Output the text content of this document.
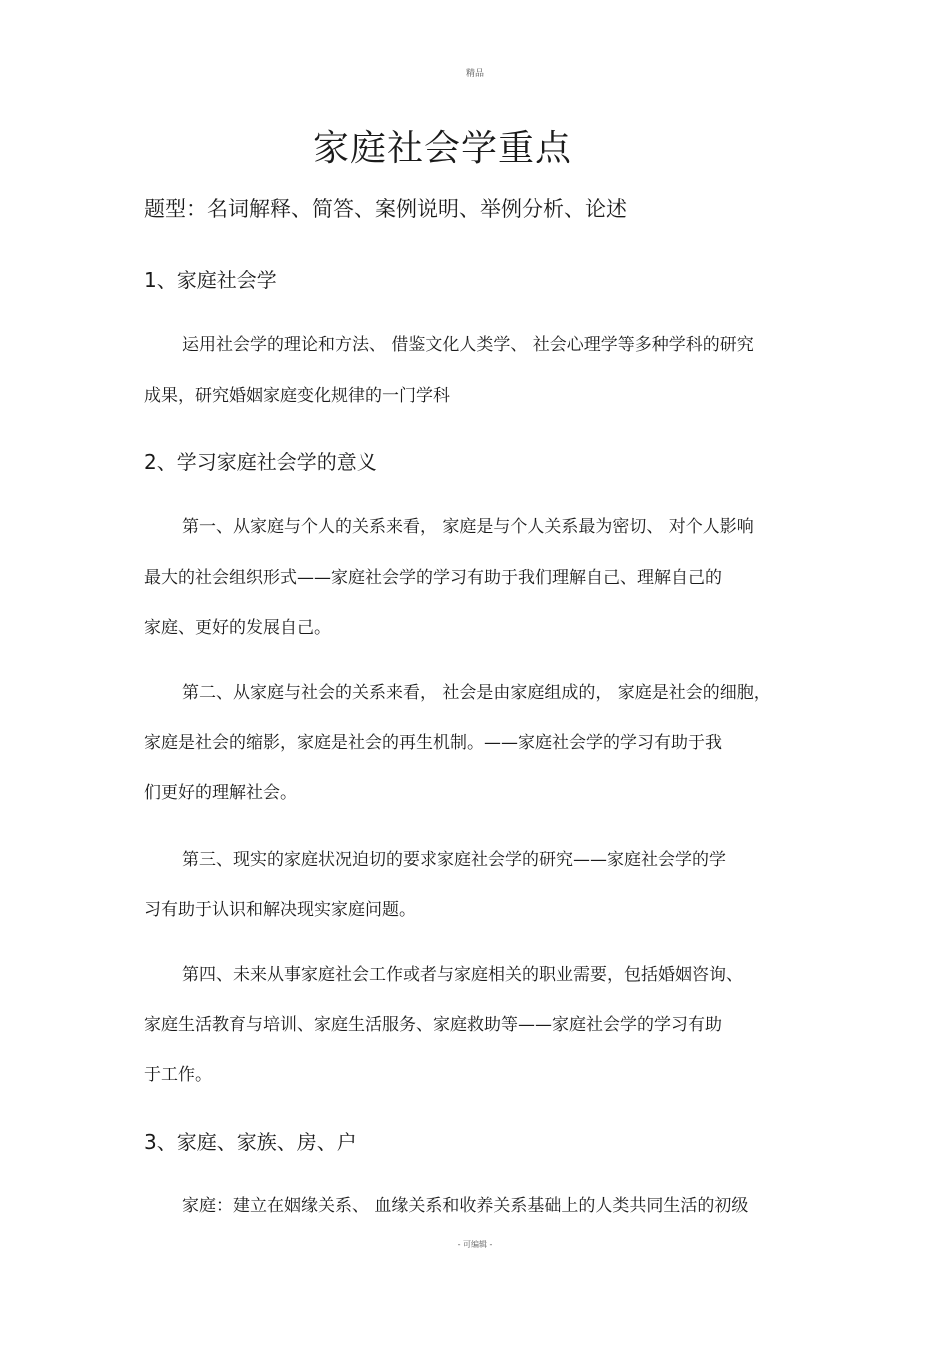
精品
家庭社会学重点
题型：名词解释、简答、案例说明、举例分析、论述
1、家庭社会学
运用社会学的理论和方法、 借鉴文化人类学、 社会心理学等多种学科的研究
成果，研究婚姻家庭变化规律的一门学科
2、学习家庭社会学的意义
第一、从家庭与个人的关系来看， 家庭是与个人关系最为密切、 对个人影响
最大的社会组织形式——家庭社会学的学习有助于我们理解自己、理解自己的
家庭、更好的发展自己。
第二、从家庭与社会的关系来看， 社会是由家庭组成的， 家庭是社会的细胞，
家庭是社会的缩影，家庭是社会的再生机制。——家庭社会学的学习有助于我
们更好的理解社会。
第三、现实的家庭状况迫切的要求家庭社会学的研究——家庭社会学的学
习有助于认识和解决现实家庭问题。
第四、未来从事家庭社会工作或者与家庭相关的职业需要，包括婚姻咨询、
家庭生活教育与培训、家庭生活服务、家庭救助等——家庭社会学的学习有助
于工作。
3、家庭、家族、房、户
家庭：建立在姻缘关系、 血缘关系和收养关系基础上的人类共同生活的初级
- 可编辑 -
